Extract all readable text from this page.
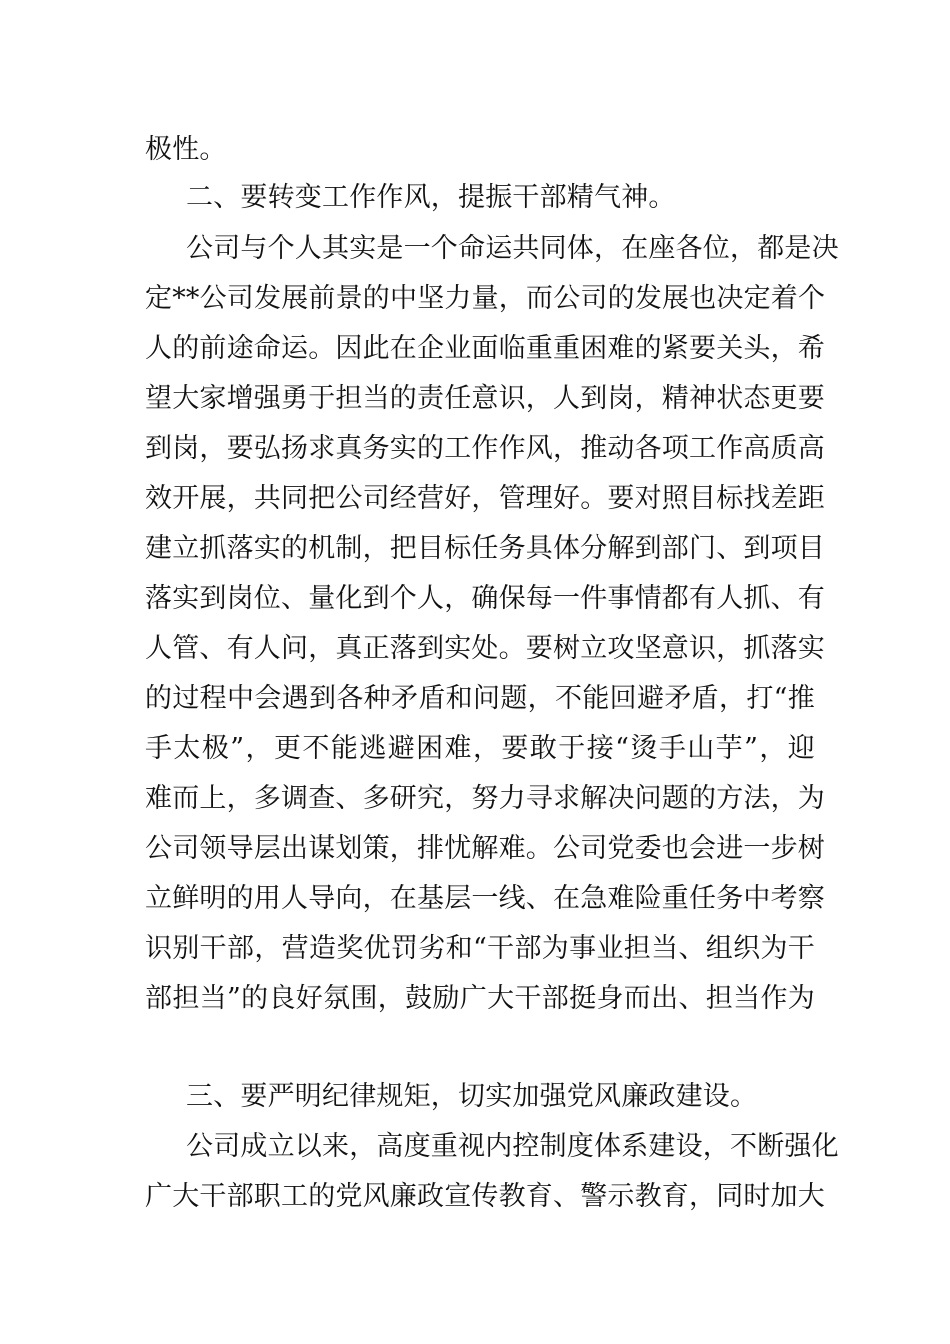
极性。
二、要转变工作作风，提振干部精气神。
公司与个人其实是一个命运共同体，在座各位，都是决
定**公司发展前景的中坚力量，而公司的发展也决定着个
人的前途命运。因此在企业面临重重困难的紧要关头，希
望大家增强勇于担当的责任意识，人到岗，精神状态更要
到岗，要弘扬求真务实的工作作风，推动各项工作高质高
效开展，共同把公司经营好，管理好。要对照目标找差距
建立抓落实的机制，把目标任务具体分解到部门、到项目
落实到岗位、量化到个人，确保每一件事情都有人抓、有
人管、有人问，真正落到实处。要树立攻坚意识，抓落实
的过程中会遇到各种矛盾和问题，不能回避矛盾，打“推
手太极”，更不能逃避困难，要敢于接“烫手山芋”，迎
难而上，多调查、多研究，努力寻求解决问题的方法，为
公司领导层出谋划策，排忧解难。公司党委也会进一步树
立鲜明的用人导向，在基层一线、在急难险重任务中考察
识别干部，营造奖优罚劣和“干部为事业担当、组织为干
部担当”的良好氛围，鼓励广大干部挺身而出、担当作为
三、要严明纪律规矩，切实加强党风廉政建设。
公司成立以来，高度重视内控制度体系建设，不断强化
广大干部职工的党风廉政宣传教育、警示教育，同时加大
